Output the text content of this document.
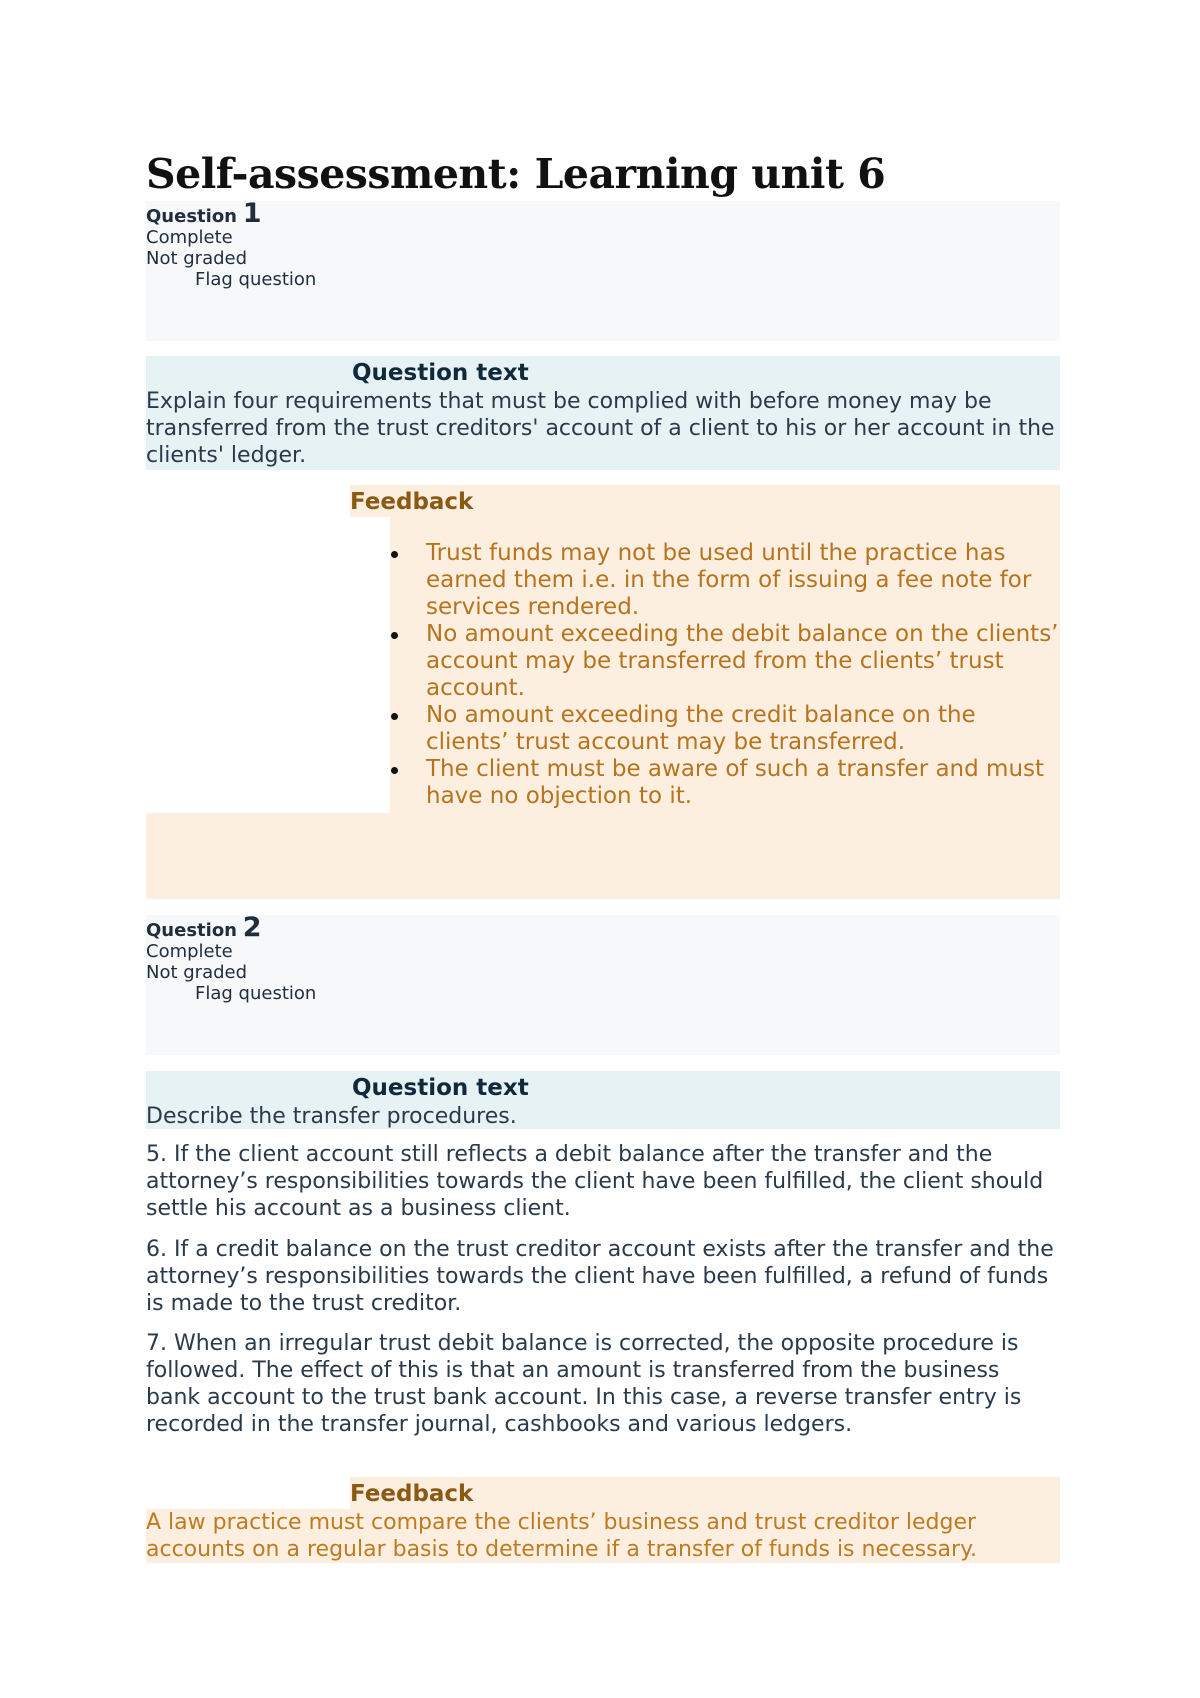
Self-assessment: Learning unit 6
Question 1
Complete
Not graded
Flag question
Question text
Explain four requirements that must be complied with before money may be transferred from the trust creditors' account of a client to his or her account in the clients' ledger.
Feedback
Trust funds may not be used until the practice has earned them i.e. in the form of issuing a fee note for services rendered.
No amount exceeding the debit balance on the clients’ account may be transferred from the clients’ trust account.
No amount exceeding the credit balance on the clients’ trust account may be transferred.
The client must be aware of such a transfer and must have no objection to it.
Question 2
Complete
Not graded
Flag question
Question text
Describe the transfer procedures.

5. If the client account still reflects a debit balance after the transfer and the attorney’s responsibilities towards the client have been fulfilled, the client should settle his account as a business client.

6. If a credit balance on the trust creditor account exists after the transfer and the attorney’s responsibilities towards the client have been fulfilled, a refund of funds is made to the trust creditor.

7. When an irregular trust debit balance is corrected, the opposite procedure is followed. The effect of this is that an amount is transferred from the business bank account to the trust bank account. In this case, a reverse transfer entry is recorded in the transfer journal, cashbooks and various ledgers.

Feedback
A law practice must compare the clients’ business and trust creditor ledger accounts on a regular basis to determine if a transfer of funds is necessary.
